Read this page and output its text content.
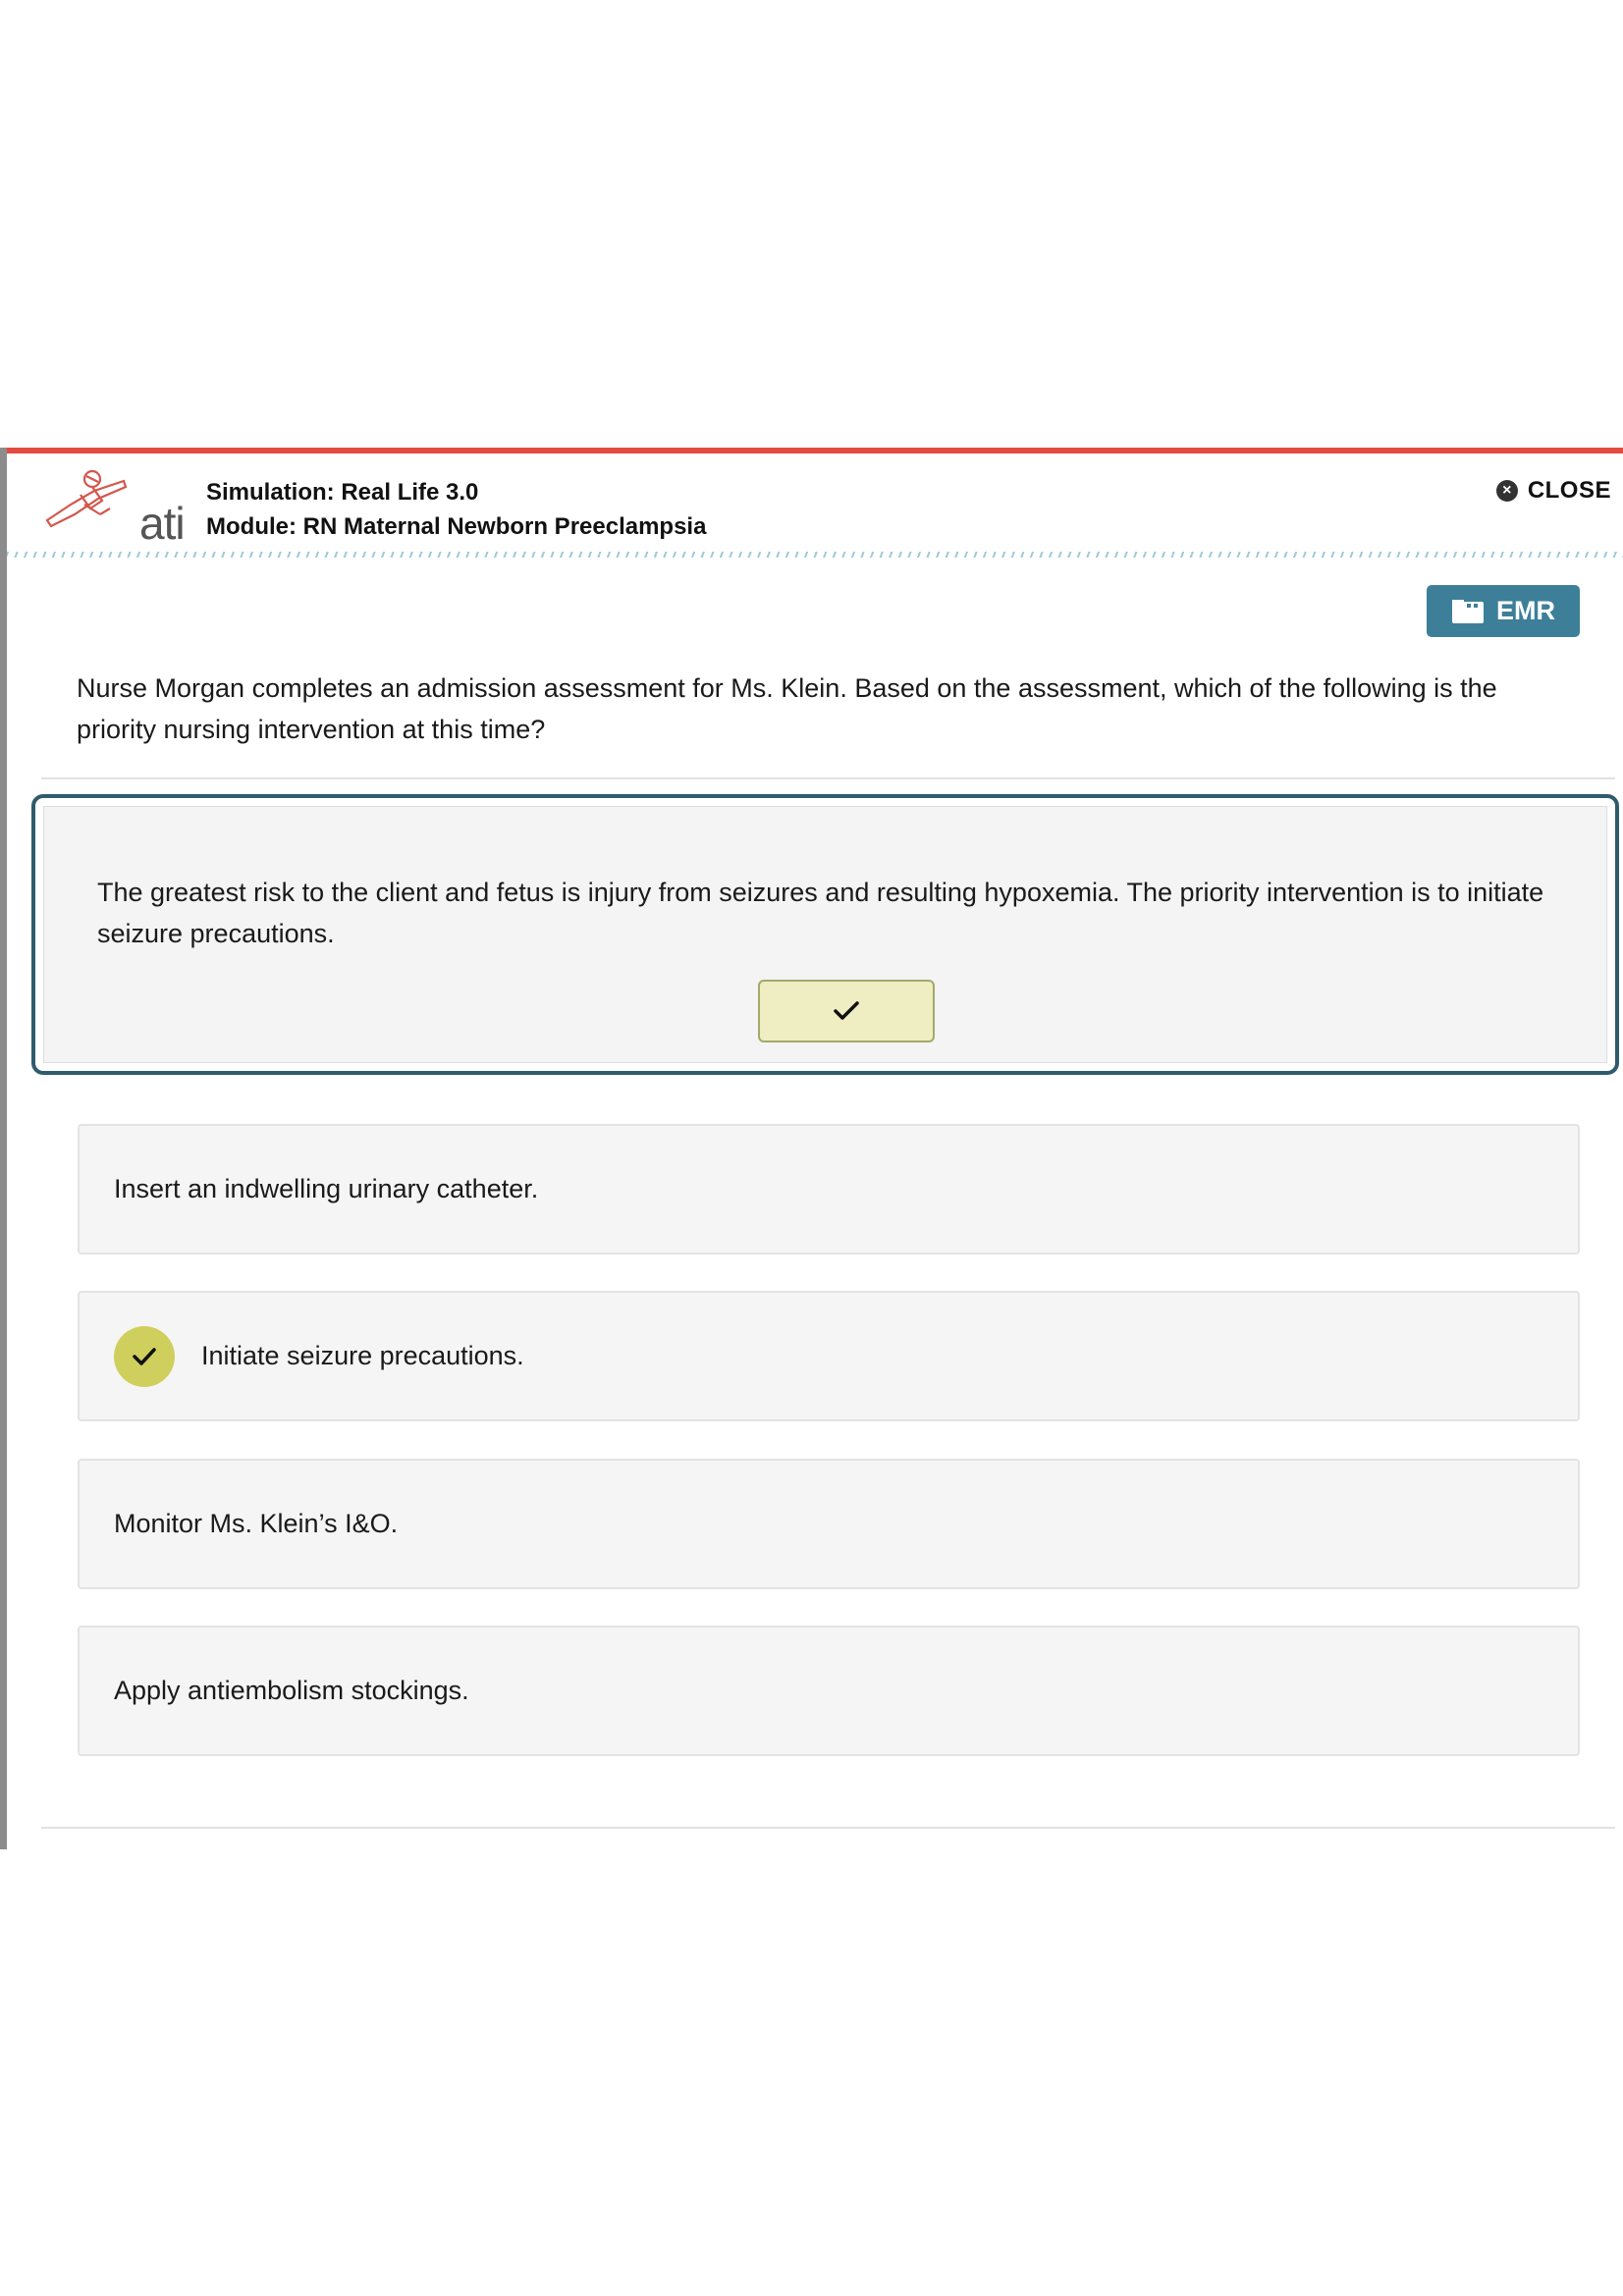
ati
Simulation: Real Life 3.0
Module: RN Maternal Newborn Preeclampsia
× CLOSE
EMR
Nurse Morgan completes an admission assessment for Ms. Klein. Based on the assessment, which of the following is the priority nursing intervention at this time?
The greatest risk to the client and fetus is injury from seizures and resulting hypoxemia. The priority intervention is to initiate seizure precautions.
Insert an indwelling urinary catheter.
Initiate seizure precautions.
Monitor Ms. Klein’s I&O.
Apply antiembolism stockings.
